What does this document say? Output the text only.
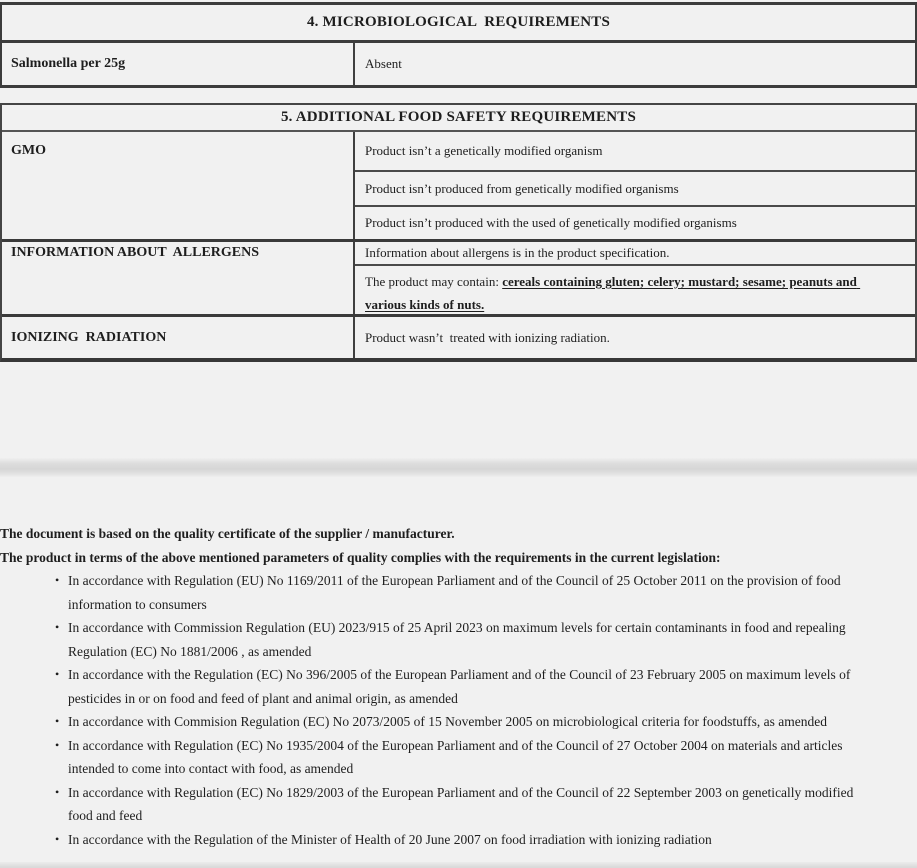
4. MICROBIOLOGICAL  REQUIREMENTS
Salmonella per 25g	Absent
5. ADDITIONAL FOOD SAFETY REQUIREMENTS
GMO	Product isn’t a genetically modified organism
Product isn’t produced from genetically modified organisms
Product isn’t produced with the used of genetically modified organisms
INFORMATION ABOUT  ALLERGENS	Information about allergens is in the product specification.
The product may contain: cereals containing gluten; celery; mustard; sesame; peanuts and various kinds of nuts.
IONIZING  RADIATION	Product wasn’t  treated with ionizing radiation.

The document is based on the quality certificate of the supplier / manufacturer.

The product in terms of the above mentioned parameters of quality complies with the requirements in the current legislation:

• In accordance with Regulation (EU) No 1169/2011 of the European Parliament and of the Council of 25 October 2011 on the provision of food information to consumers
• In accordance with Commission Regulation (EU) 2023/915 of 25 April 2023 on maximum levels for certain contaminants in food and repealing Regulation (EC) No 1881/2006 , as amended
• In accordance with the Regulation (EC) No 396/2005 of the European Parliament and of the Council of 23 February 2005 on maximum levels of pesticides in or on food and feed of plant and animal origin, as amended
• In accordance with Commision Regulation (EC) No 2073/2005 of 15 November 2005 on microbiological criteria for foodstuffs, as amended
• In accordance with Regulation (EC) No 1935/2004 of the European Parliament and of the Council of 27 October 2004 on materials and articles intended to come into contact with food, as amended
• In accordance with Regulation (EC) No 1829/2003 of the European Parliament and of the Council of 22 September 2003 on genetically modified food and feed
• In accordance with the Regulation of the Minister of Health of 20 June 2007 on food irradiation with ionizing radiation
